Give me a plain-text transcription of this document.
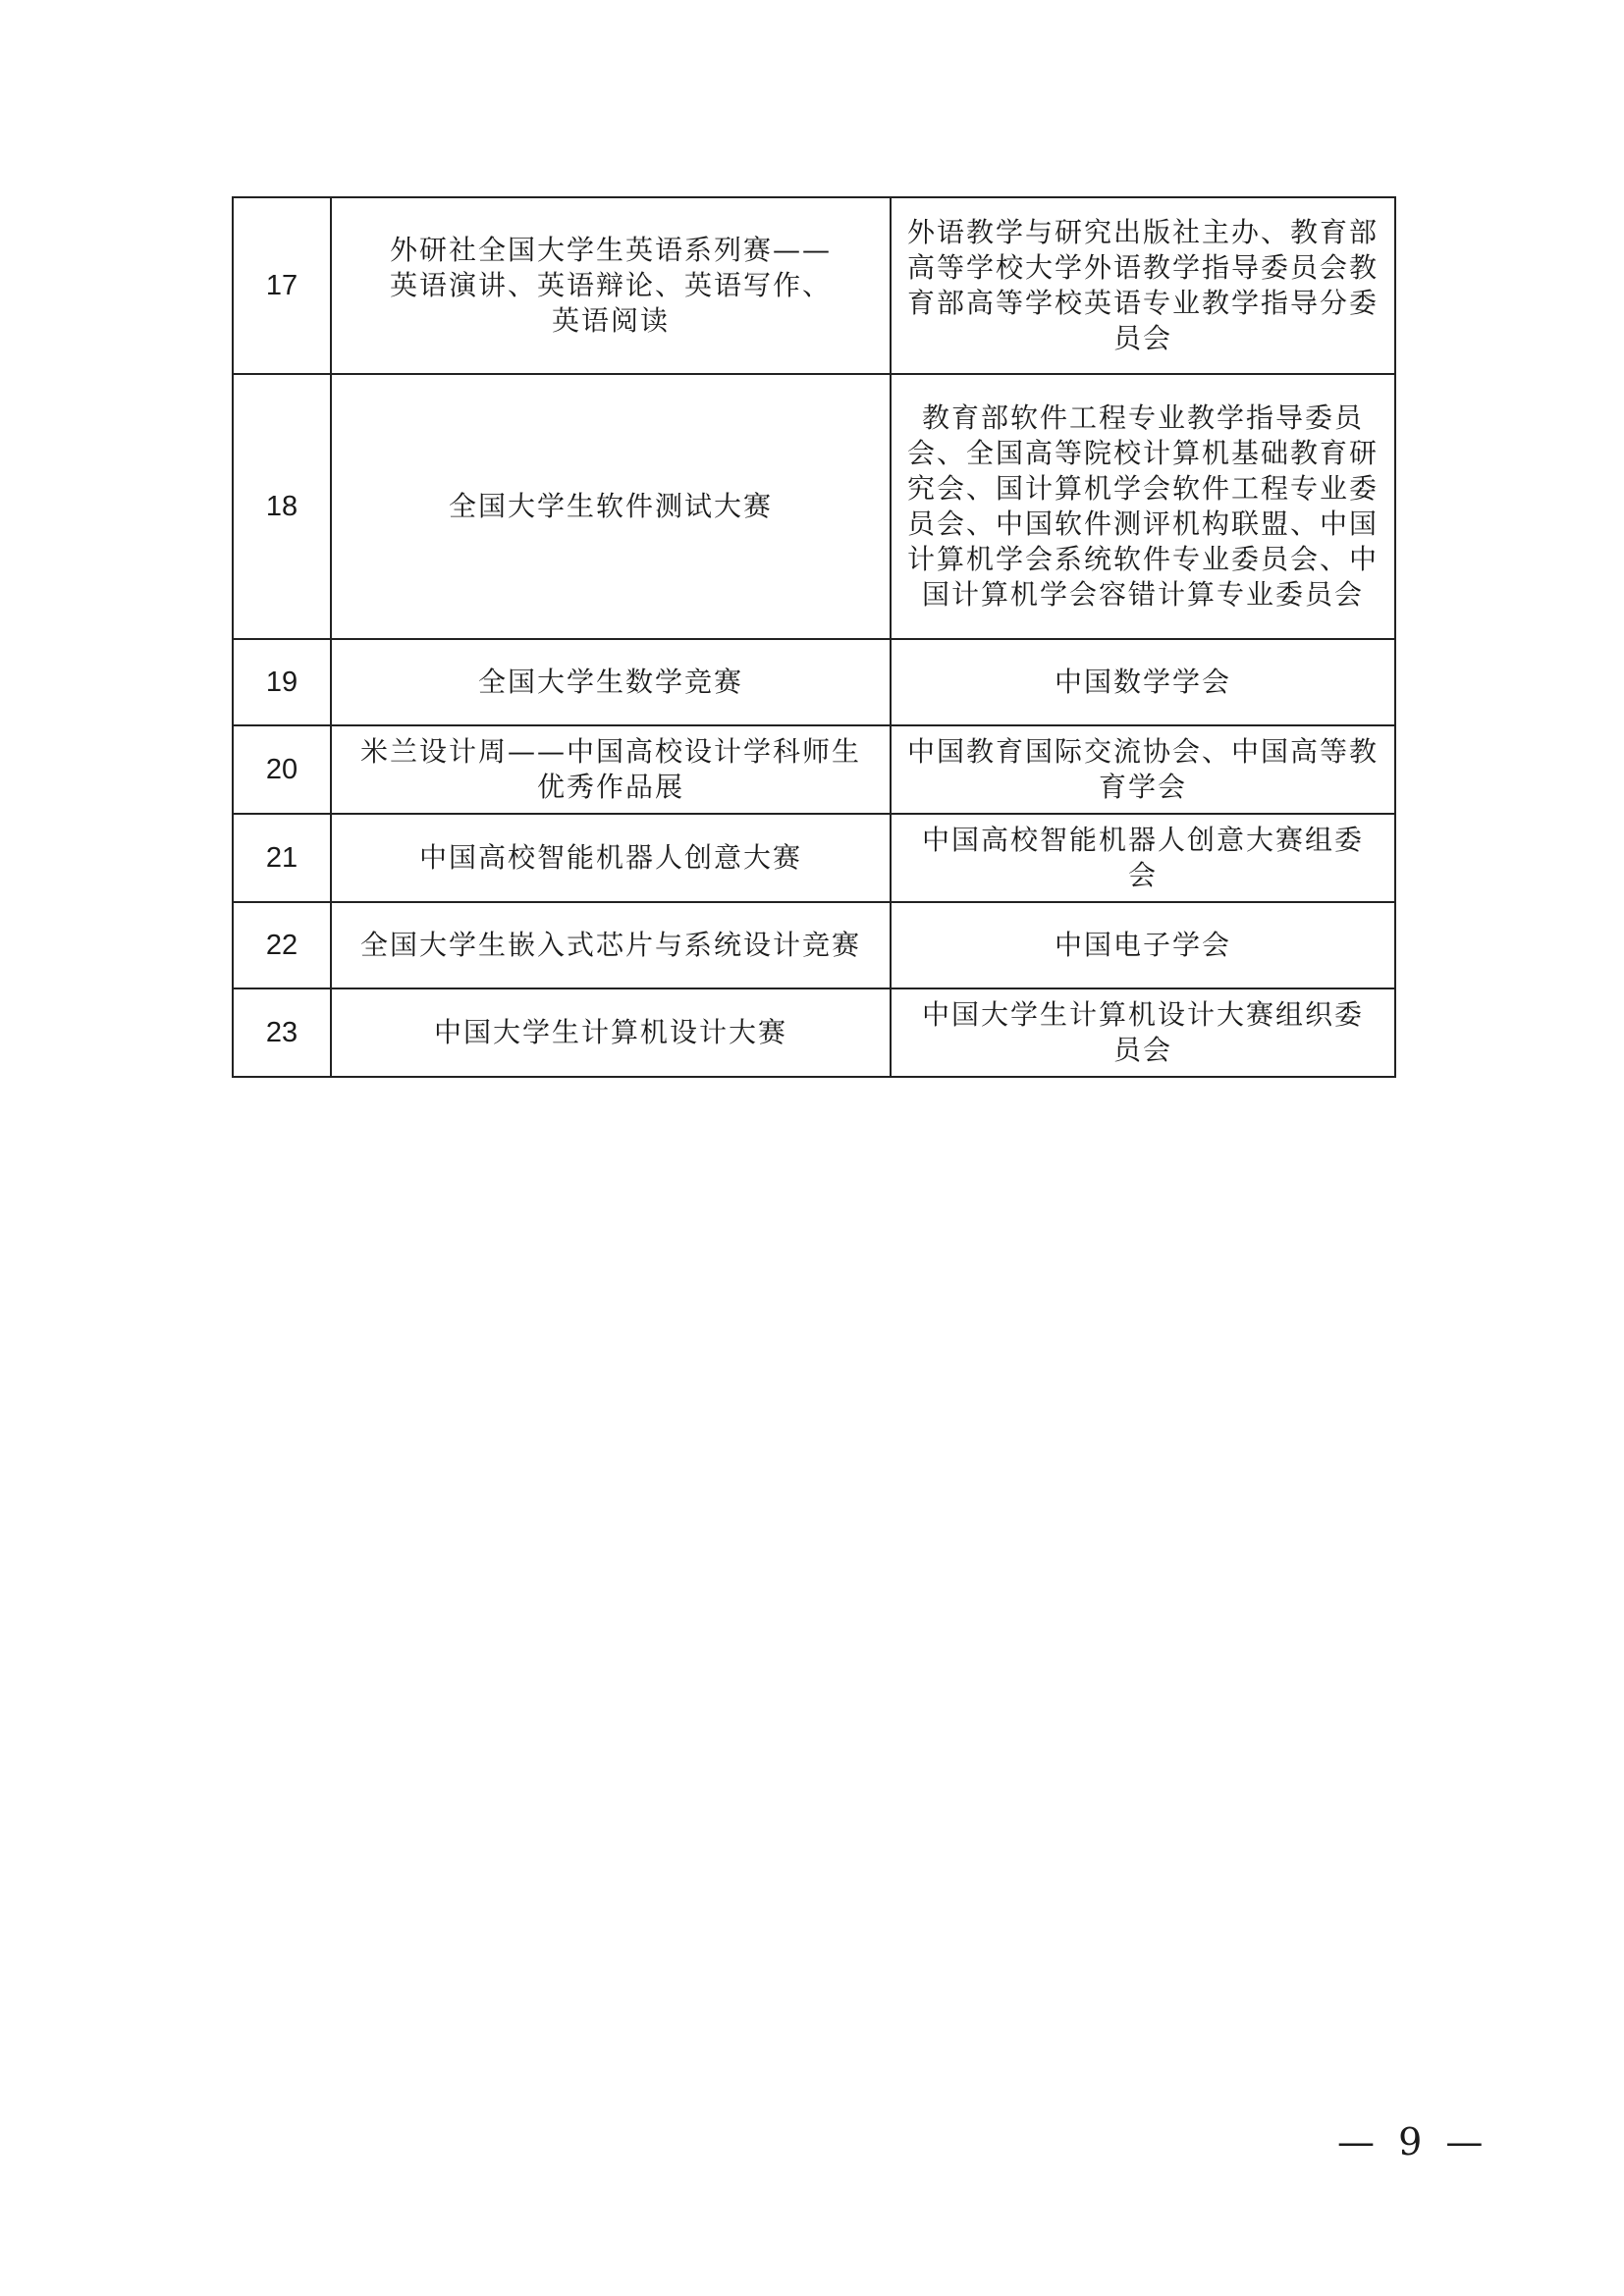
17	外研社全国大学生英语系列赛——英语演讲、英语辩论、英语写作、英语阅读	外语教学与研究出版社主办、教育部高等学校大学外语教学指导委员会教育部高等学校英语专业教学指导分委员会
18	全国大学生软件测试大赛	教育部软件工程专业教学指导委员会、全国高等院校计算机基础教育研究会、国计算机学会软件工程专业委员会、中国软件测评机构联盟、中国计算机学会系统软件专业委员会、中国计算机学会容错计算专业委员会
19	全国大学生数学竞赛	中国数学学会
20	米兰设计周——中国高校设计学科师生优秀作品展	中国教育国际交流协会、中国高等教育学会
21	中国高校智能机器人创意大赛	中国高校智能机器人创意大赛组委会
22	全国大学生嵌入式芯片与系统设计竞赛	中国电子学会
23	中国大学生计算机设计大赛	中国大学生计算机设计大赛组织委员会
— 9 —
